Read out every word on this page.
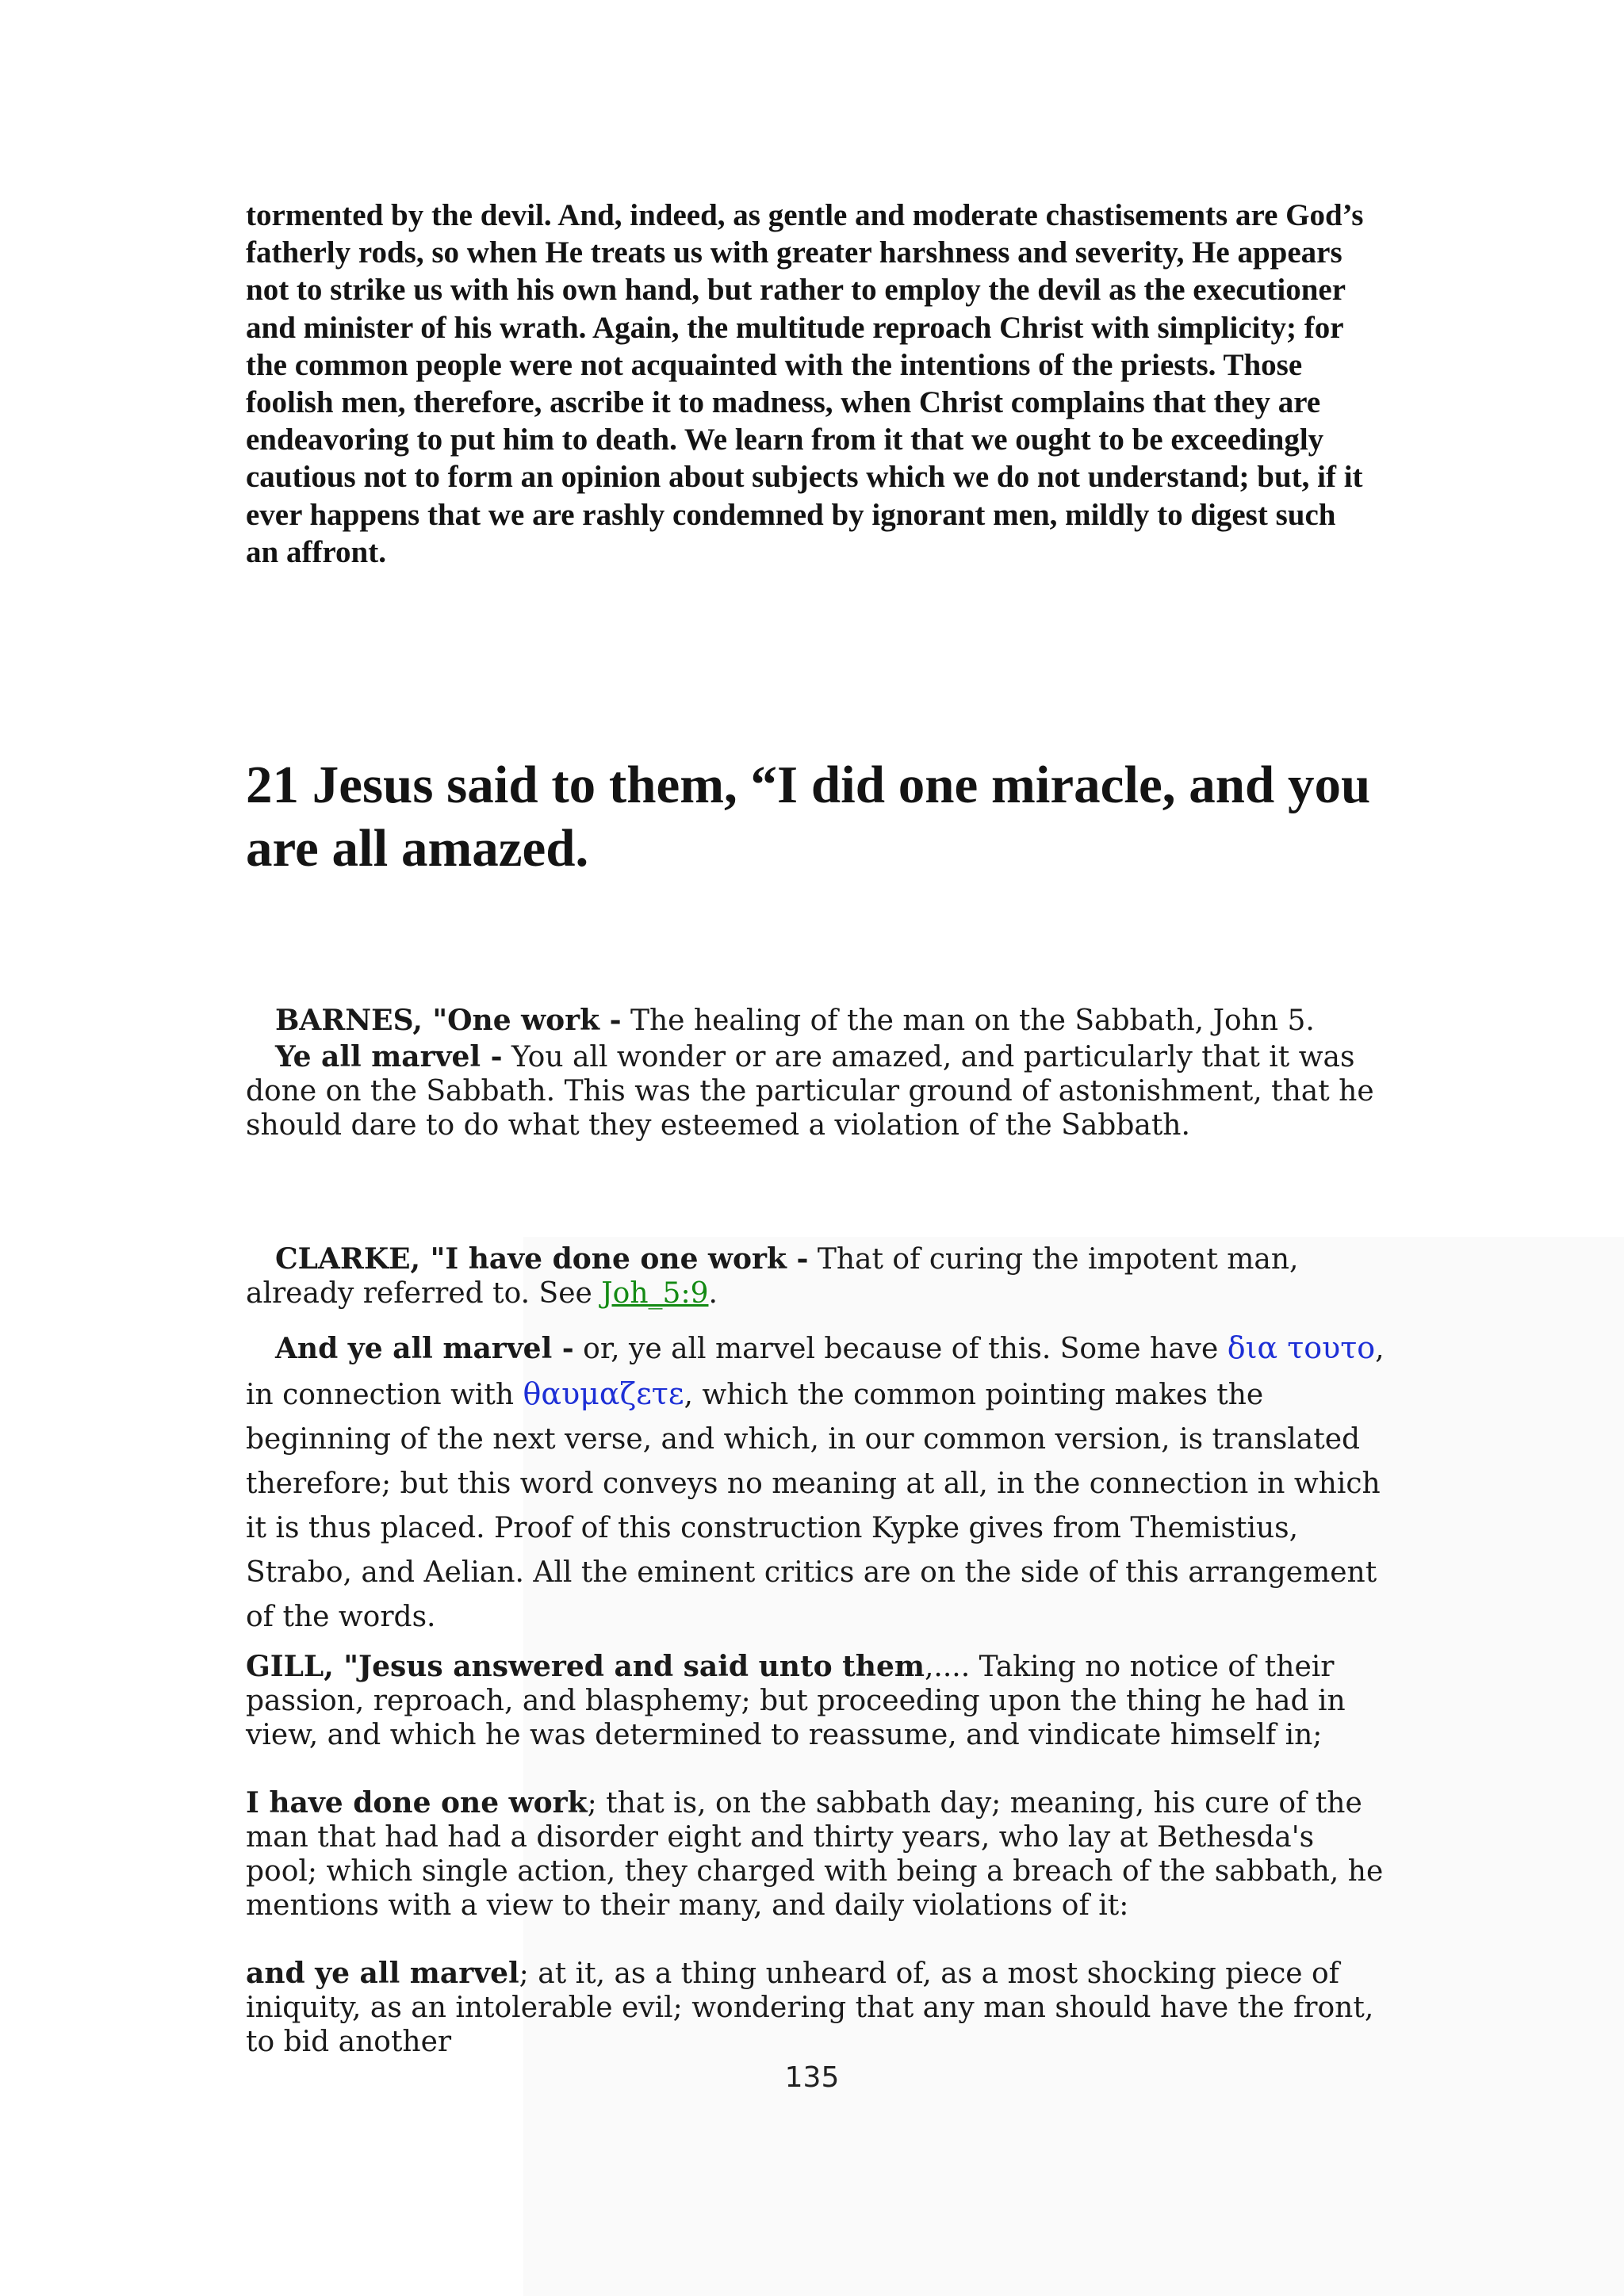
tormented by the devil. And, indeed, as gentle and moderate chastisements are God’s fatherly rods, so when He treats us with greater harshness and severity, He appears not to strike us with his own hand, but rather to employ the devil as the executioner and minister of his wrath. Again, the multitude reproach Christ with simplicity; for the common people were not acquainted with the intentions of the priests. Those foolish men, therefore, ascribe it to madness, when Christ complains that they are endeavoring to put him to death. We learn from it that we ought to be exceedingly cautious not to form an opinion about subjects which we do not understand; but, if it ever happens that we are rashly condemned by ignorant men, mildly to digest such an affront.
21 Jesus said to them, “I did one miracle, and you are all amazed.

BARNES, "One work - The healing of the man on the Sabbath, John 5.

Ye all marvel - You all wonder or are amazed, and particularly that it was done on the Sabbath. This was the particular ground of astonishment, that he should dare to do what they esteemed a violation of the Sabbath.

CLARKE, "I have done one work - That of curing the impotent man, already referred to. See Joh_5:9.

And ye all marvel - or, ye all marvel because of this. Some have δια τουτο, in connection with θαυμαζετε, which the common pointing makes the beginning of the next verse, and which, in our common version, is translated therefore; but this word conveys no meaning at all, in the connection in which it is thus placed. Proof of this construction Kypke gives from Themistius, Strabo, and Aelian. All the eminent critics are on the side of this arrangement of the words.

GILL, "Jesus answered and said unto them,.... Taking no notice of their passion, reproach, and blasphemy; but proceeding upon the thing he had in view, and which he was determined to reassume, and vindicate himself in;

I have done one work; that is, on the sabbath day; meaning, his cure of the man that had had a disorder eight and thirty years, who lay at Bethesda's pool; which single action, they charged with being a breach of the sabbath, he mentions with a view to their many, and daily violations of it:

and ye all marvel; at it, as a thing unheard of, as a most shocking piece of iniquity, as an intolerable evil; wondering that any man should have the front, to bid another

135
